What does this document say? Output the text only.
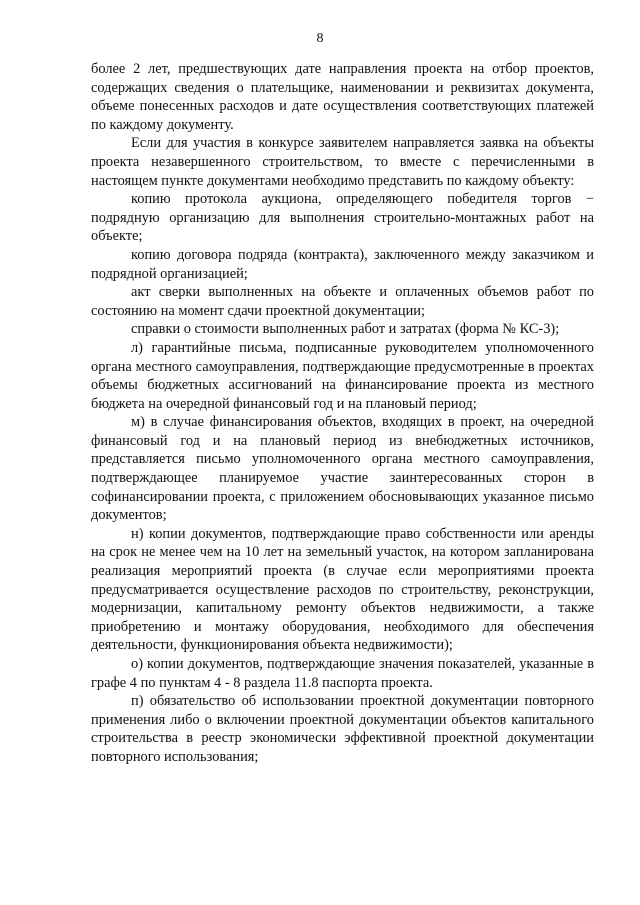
8

более 2 лет, предшествующих дате направления проекта на отбор проектов, содержащих сведения о плательщике, наименовании и реквизитах документа, объеме понесенных расходов и дате осуществления соответствующих платежей по каждому документу.

Если для участия в конкурсе заявителем направляется заявка на объекты проекта незавершенного строительством, то вместе с перечисленными в настоящем пункте документами необходимо представить по каждому объекту:

копию протокола аукциона, определяющего победителя торгов − подрядную организацию для выполнения строительно-монтажных работ на объекте;

копию договора подряда (контракта), заключенного между заказчиком и подрядной организацией;

акт сверки выполненных на объекте и оплаченных объемов работ по состоянию на момент сдачи проектной документации;

справки о стоимости выполненных работ и затратах (форма № КС-3);

л) гарантийные письма, подписанные руководителем уполномоченного органа местного самоуправления, подтверждающие предусмотренные в проектах объемы бюджетных ассигнований на финансирование проекта из местного бюджета на очередной финансовый год и на плановый период;

м) в случае финансирования объектов, входящих в проект, на очередной финансовый год и на плановый период из внебюджетных источников, представляется письмо уполномоченного органа местного самоуправления, подтверждающее планируемое участие заинтересованных сторон в софинансировании проекта, с приложением обосновывающих указанное письмо документов;

н) копии документов, подтверждающие право собственности или аренды на срок не менее чем на 10 лет на земельный участок, на котором запланирована реализация мероприятий проекта (в случае если мероприятиями проекта предусматривается осуществление расходов по строительству, реконструкции, модернизации, капитальному ремонту объектов недвижимости, а также приобретению и монтажу оборудования, необходимого для обеспечения деятельности, функционирования объекта недвижимости);

о) копии документов, подтверждающие значения показателей, указанные в графе 4 по пунктам 4 - 8 раздела 11.8 паспорта проекта.

п) обязательство об использовании проектной документации повторного применения либо о включении проектной документации объектов капитального строительства в реестр экономически эффективной проектной документации повторного использования;
